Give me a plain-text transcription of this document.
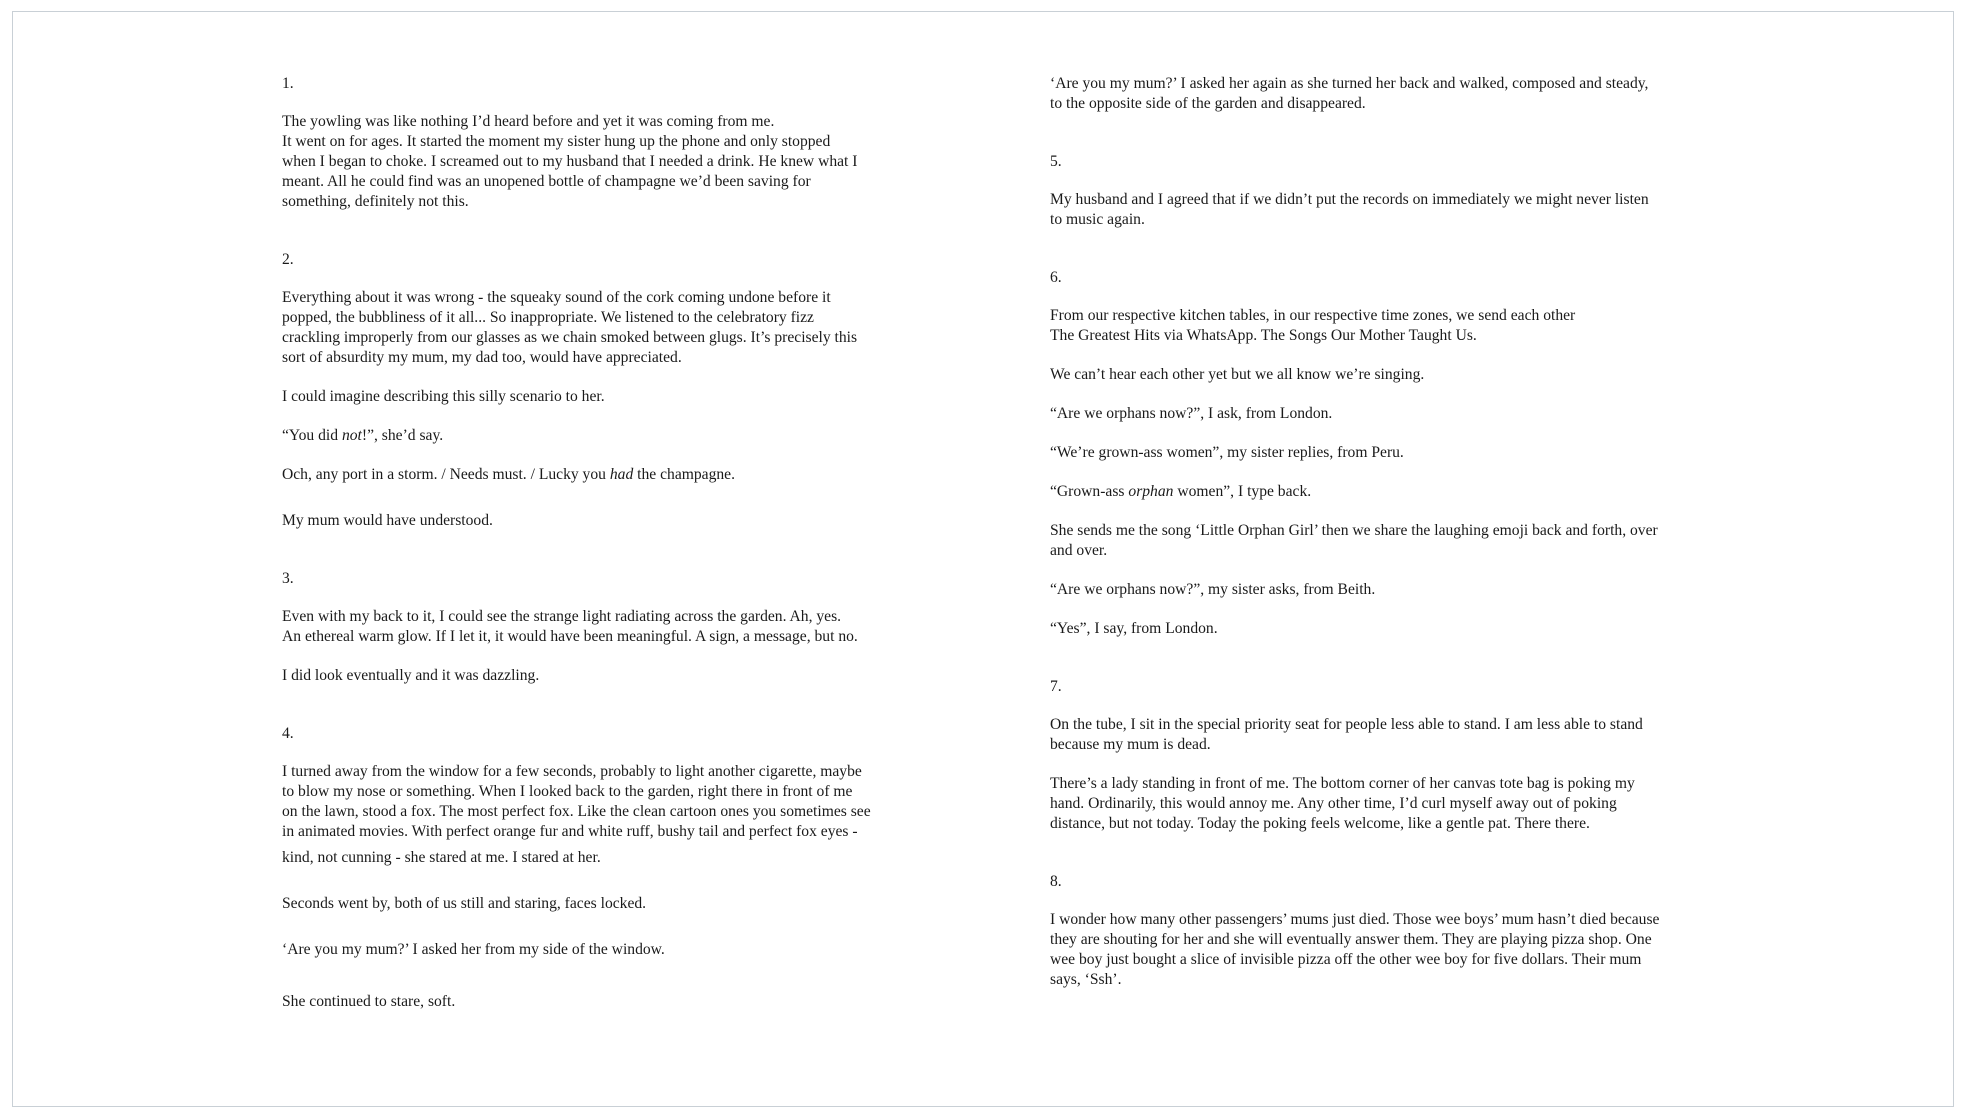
1.

The yowling was like nothing I’d heard before and yet it was coming from me.
It went on for ages. It started the moment my sister hung up the phone and only stopped
when I began to choke. I screamed out to my husband that I needed a drink. He knew what I
meant. All he could find was an unopened bottle of champagne we’d been saving for
something, definitely not this.

2.

Everything about it was wrong - the squeaky sound of the cork coming undone before it
popped, the bubbliness of it all... So inappropriate. We listened to the celebratory fizz
crackling improperly from our glasses as we chain smoked between glugs. It’s precisely this
sort of absurdity my mum, my dad too, would have appreciated.

I could imagine describing this silly scenario to her.

“You did not!”, she’d say.

Och, any port in a storm. / Needs must. / Lucky you had the champagne.

My mum would have understood.

3.

Even with my back to it, I could see the strange light radiating across the garden. Ah, yes.
An ethereal warm glow. If I let it, it would have been meaningful. A sign, a message, but no.

I did look eventually and it was dazzling.

4.

I turned away from the window for a few seconds, probably to light another cigarette, maybe
to blow my nose or something. When I looked back to the garden, right there in front of me
on the lawn, stood a fox. The most perfect fox. Like the clean cartoon ones you sometimes see
in animated movies. With perfect orange fur and white ruff, bushy tail and perfect fox eyes -
kind, not cunning - she stared at me. I stared at her.

Seconds went by, both of us still and staring, faces locked.

‘Are you my mum?’ I asked her from my side of the window.

She continued to stare, soft.

‘Are you my mum?’ I asked her again as she turned her back and walked, composed and steady,
to the opposite side of the garden and disappeared.

5.

My husband and I agreed that if we didn’t put the records on immediately we might never listen
to music again.

6.

From our respective kitchen tables, in our respective time zones, we send each other
The Greatest Hits via WhatsApp. The Songs Our Mother Taught Us.

We can’t hear each other yet but we all know we’re singing.

“Are we orphans now?”, I ask, from London.

“We’re grown-ass women”, my sister replies, from Peru.

“Grown-ass orphan women”, I type back.

She sends me the song ‘Little Orphan Girl’ then we share the laughing emoji back and forth, over
and over.

“Are we orphans now?”, my sister asks, from Beith.

“Yes”, I say, from London.

7.

On the tube, I sit in the special priority seat for people less able to stand. I am less able to stand
because my mum is dead.

There’s a lady standing in front of me. The bottom corner of her canvas tote bag is poking my
hand. Ordinarily, this would annoy me. Any other time, I’d curl myself away out of poking
distance, but not today. Today the poking feels welcome, like a gentle pat. There there.

8.

I wonder how many other passengers’ mums just died. Those wee boys’ mum hasn’t died because
they are shouting for her and she will eventually answer them. They are playing pizza shop. One
wee boy just bought a slice of invisible pizza off the other wee boy for five dollars. Their mum
says, ‘Ssh’.
